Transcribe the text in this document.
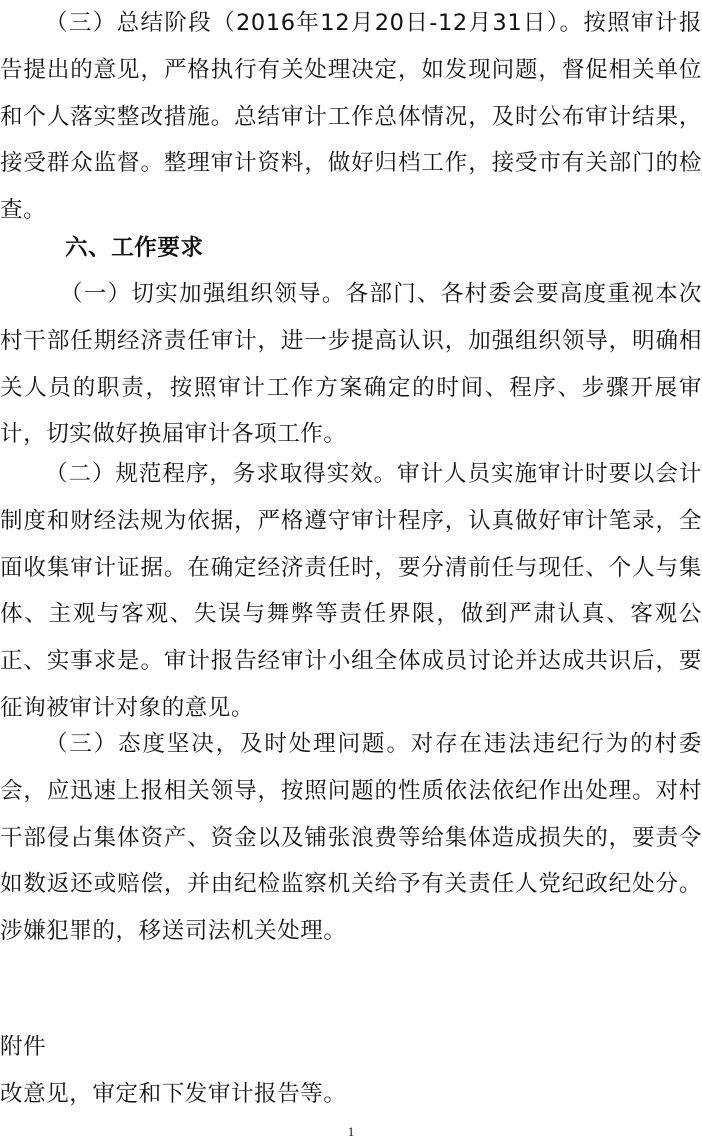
（三）总结阶段（2016年12月20日-12月31日）。按照审计报告提出的意见，严格执行有关处理决定，如发现问题，督促相关单位和个人落实整改措施。总结审计工作总体情况，及时公布审计结果，接受群众监督。整理审计资料，做好归档工作，接受市有关部门的检查。

六、工作要求

（一）切实加强组织领导。各部门、各村委会要高度重视本次村干部任期经济责任审计，进一步提高认识，加强组织领导，明确相关人员的职责，按照审计工作方案确定的时间、程序、步骤开展审计，切实做好换届审计各项工作。

（二）规范程序，务求取得实效。审计人员实施审计时要以会计制度和财经法规为依据，严格遵守审计程序，认真做好审计笔录，全面收集审计证据。在确定经济责任时，要分清前任与现任、个人与集体、主观与客观、失误与舞弊等责任界限，做到严肃认真、客观公正、实事求是。审计报告经审计小组全体成员讨论并达成共识后，要征询被审计对象的意见。

（三）态度坚决，及时处理问题。对存在违法违纪行为的村委会，应迅速上报相关领导，按照问题的性质依法依纪作出处理。对村干部侵占集体资产、资金以及铺张浪费等给集体造成损失的，要责令如数返还或赔偿，并由纪检监察机关给予有关责任人党纪政纪处分。涉嫌犯罪的，移送司法机关处理。

附件

改意见，审定和下发审计报告等。

1
